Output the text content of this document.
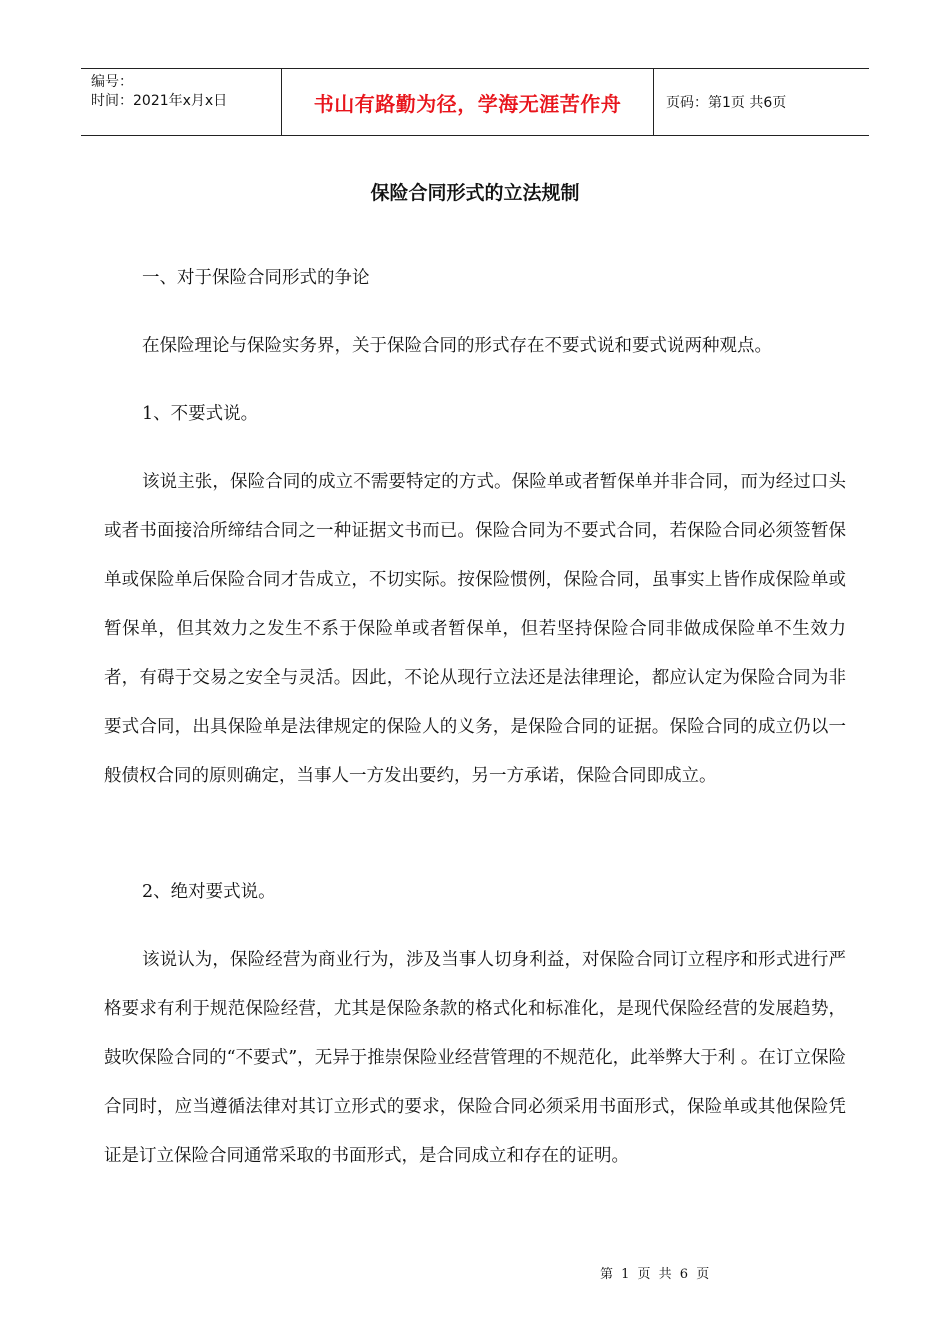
编号：
时间：2021年x月x日	书山有路勤为径，学海无涯苦作舟	页码：第1页 共6页
保险合同形式的立法规制

一、对于保险合同形式的争论

在保险理论与保险实务界，关于保险合同的形式存在不要式说和要式说两种观点。

1、不要式说。

该说主张，保险合同的成立不需要特定的方式。保险单或者暂保单并非合同，而为经过口头或者书面接洽所缔结合同之一种证据文书而已。保险合同为不要式合同，若保险合同必须签暂保单或保险单后保险合同才告成立，不切实际。按保险惯例，保险合同，虽事实上皆作成保险单或暂保单，但其效力之发生不系于保险单或者暂保单，但若坚持保险合同非做成保险单不生效力者，有碍于交易之安全与灵活。因此，不论从现行立法还是法律理论，都应认定为保险合同为非要式合同，出具保险单是法律规定的保险人的义务，是保险合同的证据。保险合同的成立仍以一般债权合同的原则确定，当事人一方发出要约，另一方承诺，保险合同即成立。

2、绝对要式说。

该说认为，保险经营为商业行为，涉及当事人切身利益，对保险合同订立程序和形式进行严格要求有利于规范保险经营，尤其是保险条款的格式化和标准化，是现代保险经营的发展趋势，鼓吹保险合同的“不要式”，无异于推崇保险业经营管理的不规范化，此举弊大于利 。在订立保险合同时，应当遵循法律对其订立形式的要求，保险合同必须采用书面形式，保险单或其他保险凭证是订立保险合同通常采取的书面形式，是合同成立和存在的证明。

第 1 页 共 6 页
